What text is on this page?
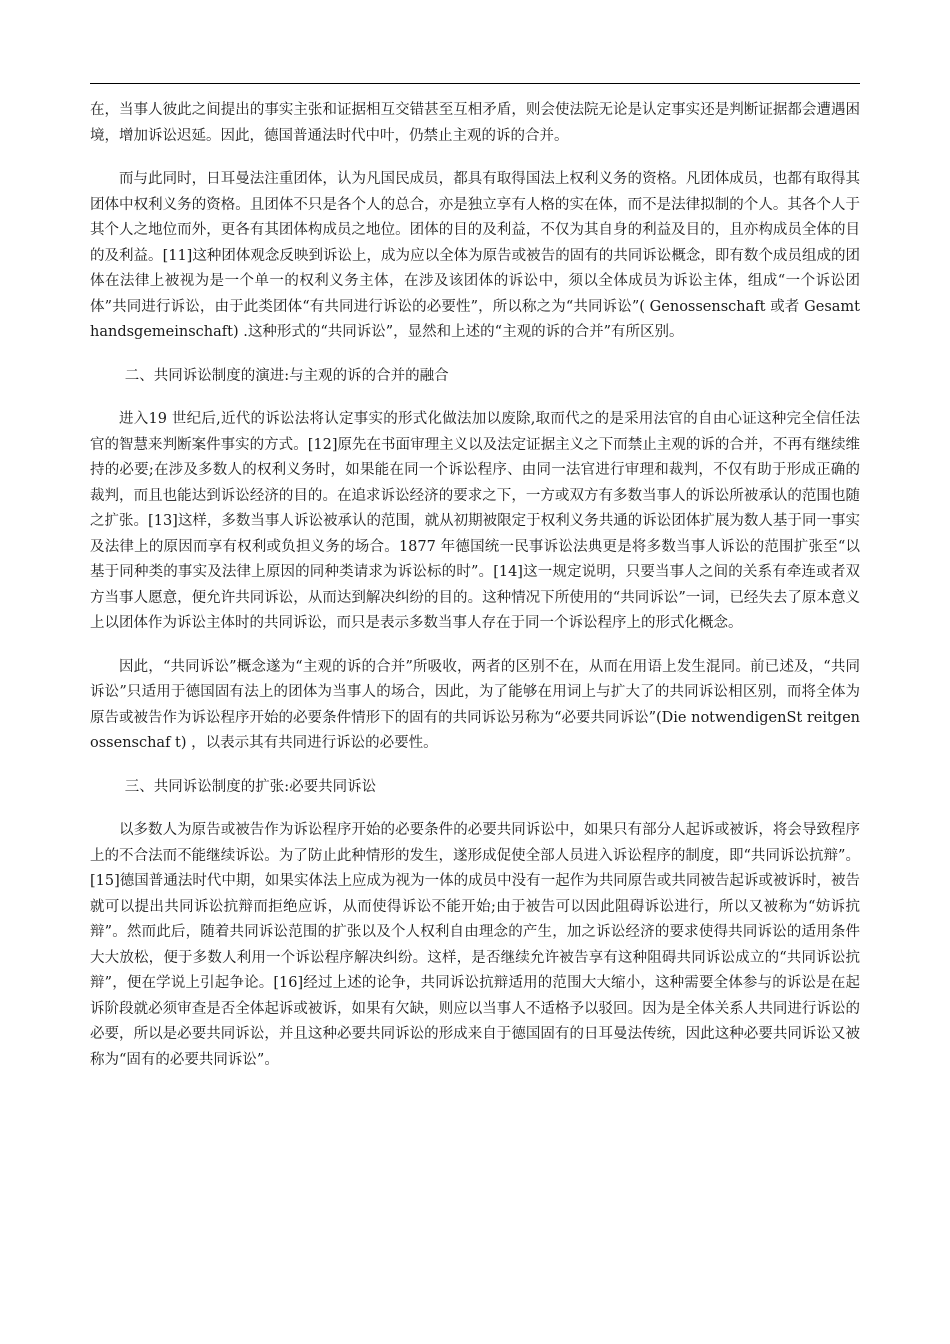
在，当事人彼此之间提出的事实主张和证据相互交错甚至互相矛盾，则会使法院无论是认定事实还是判断证据都会遭遇困境，增加诉讼迟延。因此，德国普通法时代中叶，仍禁止主观的诉的合并。

而与此同时，日耳曼法注重团体，认为凡国民成员，都具有取得国法上权利义务的资格。凡团体成员，也都有取得其团体中权利义务的资格。且团体不只是各个人的总合，亦是独立享有人格的实在体，而不是法律拟制的个人。其各个人于其个人之地位而外，更各有其团体构成员之地位。团体的目的及利益，不仅为其自身的利益及目的，且亦构成员全体的目的及利益。[11]这种团体观念反映到诉讼上，成为应以全体为原告或被告的固有的共同诉讼概念，即有数个成员组成的团体在法律上被视为是一个单一的权利义务主体，在涉及该团体的诉讼中，须以全体成员为诉讼主体，组成“一个诉讼团体”共同进行诉讼，由于此类团体“有共同进行诉讼的必要性”，所以称之为“共同诉讼”( Genossenschaft 或者 Gesamthandsgemeinschaft) .这种形式的“共同诉讼”，显然和上述的“主观的诉的合并”有所区别。

二、共同诉讼制度的演进:与主观的诉的合并的融合

进入19 世纪后,近代的诉讼法将认定事实的形式化做法加以废除,取而代之的是采用法官的自由心证这种完全信任法官的智慧来判断案件事实的方式。[12]原先在书面审理主义以及法定证据主义之下而禁止主观的诉的合并，不再有继续维持的必要;在涉及多数人的权利义务时，如果能在同一个诉讼程序、由同一法官进行审理和裁判，不仅有助于形成正确的裁判，而且也能达到诉讼经济的目的。在追求诉讼经济的要求之下，一方或双方有多数当事人的诉讼所被承认的范围也随之扩张。[13]这样，多数当事人诉讼被承认的范围，就从初期被限定于权利义务共通的诉讼团体扩展为数人基于同一事实及法律上的原因而享有权利或负担义务的场合。1877 年德国统一民事诉讼法典更是将多数当事人诉讼的范围扩张至“以基于同种类的事实及法律上原因的同种类请求为诉讼标的时”。[14]这一规定说明，只要当事人之间的关系有牵连或者双方当事人愿意，便允许共同诉讼，从而达到解决纠纷的目的。这种情况下所使用的“共同诉讼”一词，已经失去了原本意义上以团体作为诉讼主体时的共同诉讼，而只是表示多数当事人存在于同一个诉讼程序上的形式化概念。

因此，“共同诉讼”概念遂为“主观的诉的合并”所吸收，两者的区别不在，从而在用语上发生混同。前已述及，“共同诉讼”只适用于德国固有法上的团体为当事人的场合，因此，为了能够在用词上与扩大了的共同诉讼相区别，而将全体为原告或被告作为诉讼程序开始的必要条件情形下的固有的共同诉讼另称为“必要共同诉讼”(Die notwendigenSt reitgenossenschaf t) ，以表示其有共同进行诉讼的必要性。

三、共同诉讼制度的扩张:必要共同诉讼

以多数人为原告或被告作为诉讼程序开始的必要条件的必要共同诉讼中，如果只有部分人起诉或被诉，将会导致程序上的不合法而不能继续诉讼。为了防止此种情形的发生，遂形成促使全部人员进入诉讼程序的制度，即“共同诉讼抗辩”。[15]德国普通法时代中期，如果实体法上应成为视为一体的成员中没有一起作为共同原告或共同被告起诉或被诉时，被告就可以提出共同诉讼抗辩而拒绝应诉，从而使得诉讼不能开始;由于被告可以因此阻碍诉讼进行，所以又被称为“妨诉抗辩”。然而此后，随着共同诉讼范围的扩张以及个人权利自由理念的产生，加之诉讼经济的要求使得共同诉讼的适用条件大大放松，便于多数人利用一个诉讼程序解决纠纷。这样，是否继续允许被告享有这种阻碍共同诉讼成立的“共同诉讼抗辩”，便在学说上引起争论。[16]经过上述的论争，共同诉讼抗辩适用的范围大大缩小，这种需要全体参与的诉讼是在起诉阶段就必须审查是否全体起诉或被诉，如果有欠缺，则应以当事人不适格予以驳回。因为是全体关系人共同进行诉讼的必要，所以是必要共同诉讼，并且这种必要共同诉讼的形成来自于德国固有的日耳曼法传统，因此这种必要共同诉讼又被称为“固有的必要共同诉讼”。
